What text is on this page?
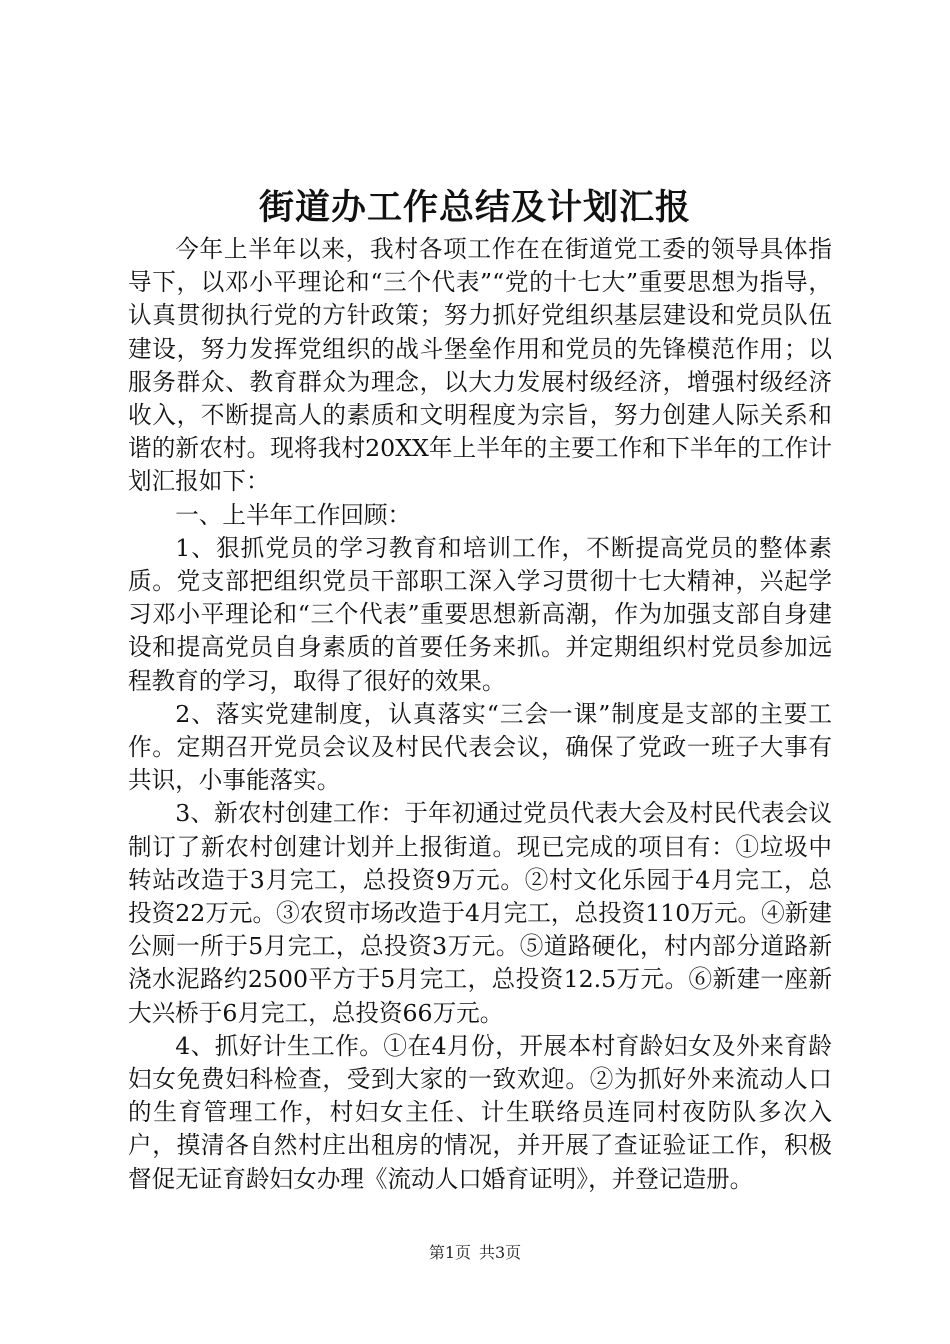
街道办工作总结及计划汇报

今年上半年以来，我村各项工作在在街道党工委的领导具体指导下，以邓小平理论和“三个代表”“党的十七大”重要思想为指导，认真贯彻执行党的方针政策；努力抓好党组织基层建设和党员队伍建设，努力发挥党组织的战斗堡垒作用和党员的先锋模范作用；以服务群众、教育群众为理念，以大力发展村级经济，增强村级经济收入，不断提高人的素质和文明程度为宗旨，努力创建人际关系和谐的新农村。现将我村20XX年上半年的主要工作和下半年的工作计划汇报如下：

一、上半年工作回顾：

1、狠抓党员的学习教育和培训工作，不断提高党员的整体素质。党支部把组织党员干部职工深入学习贯彻十七大精神，兴起学习邓小平理论和“三个代表”重要思想新高潮，作为加强支部自身建设和提高党员自身素质的首要任务来抓。并定期组织村党员参加远程教育的学习，取得了很好的效果。

2、落实党建制度，认真落实“三会一课”制度是支部的主要工作。定期召开党员会议及村民代表会议，确保了党政一班子大事有共识，小事能落实。

3、新农村创建工作：于年初通过党员代表大会及村民代表会议制订了新农村创建计划并上报街道。现已完成的项目有：①垃圾中转站改造于3月完工，总投资9万元。②村文化乐园于4月完工，总投资22万元。③农贸市场改造于4月完工，总投资110万元。④新建公厕一所于5月完工，总投资3万元。⑤道路硬化，村内部分道路新浇水泥路约2500平方于5月完工，总投资12.5万元。⑥新建一座新大兴桥于6月完工，总投资66万元。

4、抓好计生工作。①在4月份，开展本村育龄妇女及外来育龄妇女免费妇科检查，受到大家的一致欢迎。②为抓好外来流动人口的生育管理工作，村妇女主任、计生联络员连同村夜防队多次入户，摸清各自然村庄出租房的情况，并开展了查证验证工作，积极督促无证育龄妇女办理《流动人口婚育证明》，并登记造册。

第1页 共3页
